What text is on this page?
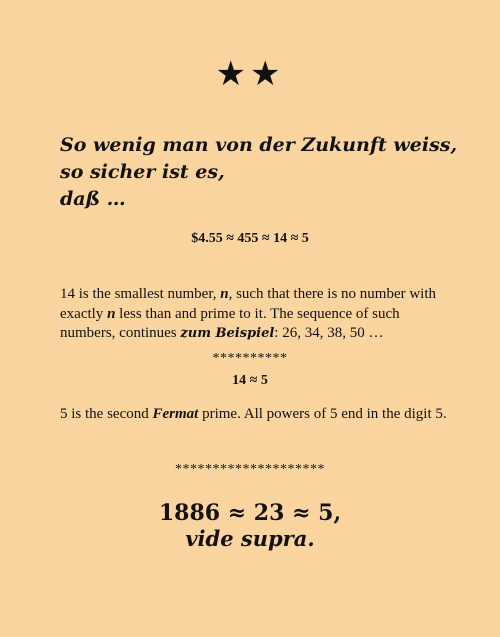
★★
So wenig man von der Zukunft weiss, so sicher ist es,
daß …
$4.55 ≈ 455 ≈ 14 ≈ 5
14 is the smallest number, n, such that there is no number with exactly n less than and prime to it. The sequence of such numbers, continues zum Beispiel: 26, 34, 38, 50 …
**********
14 ≈ 5
5 is the second Fermat prime. All powers of 5 end in the digit 5.
********************
1886 ≈ 23 ≈ 5,
vide supra.
